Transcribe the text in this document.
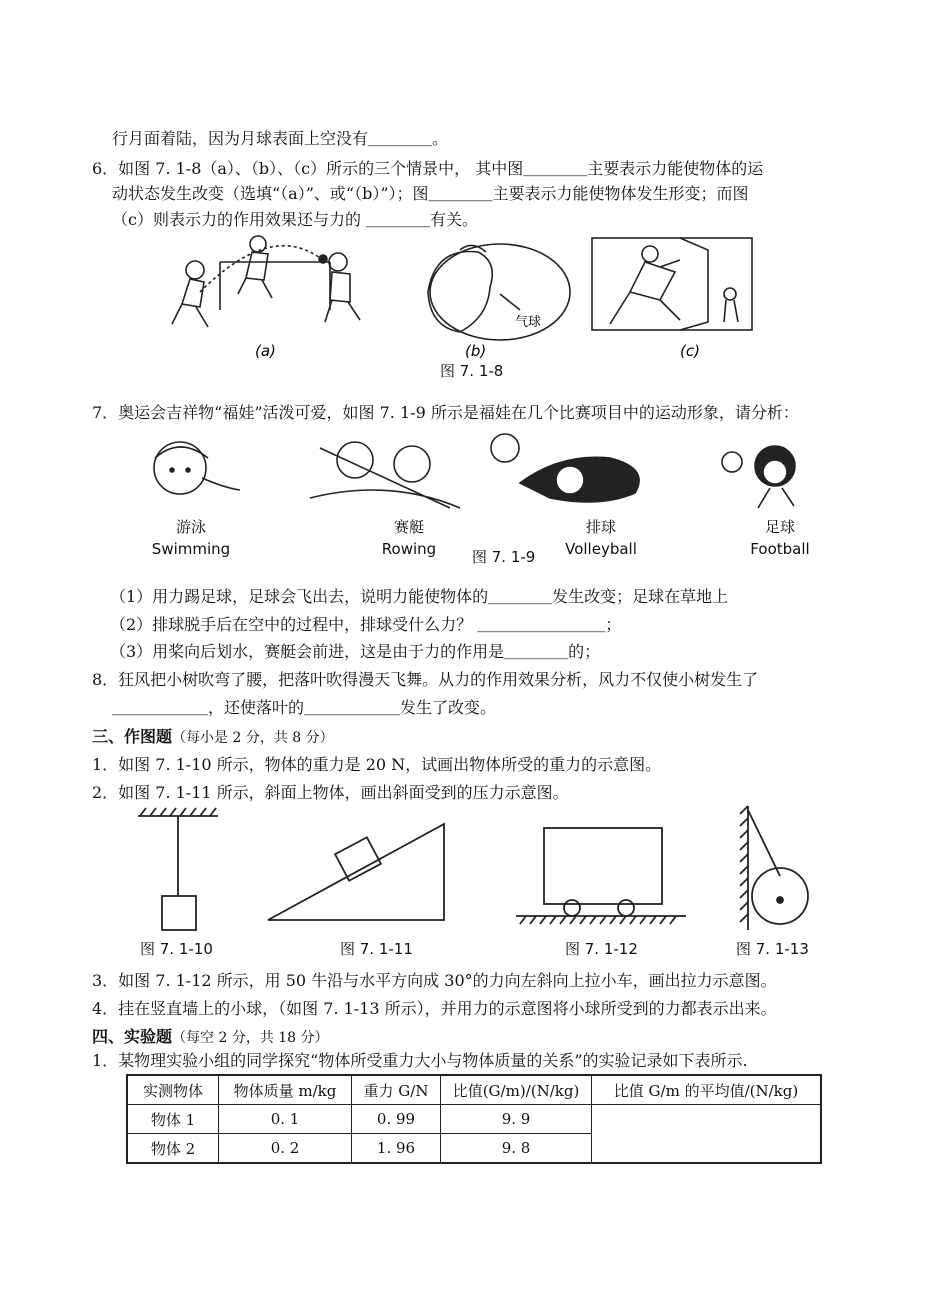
行月面着陆，因为月球表面上空没有＿＿＿＿。
6．如图 7. 1-8（a）、（b）、（c）所示的三个情景中， 其中图＿＿＿＿主要表示力能使物体的运
动状态发生改变（选填“（a）”、或“（b）”）；图＿＿＿＿主要表示力能使物体发生形变；而图
（c）则表示力的作用效果还与力的 ＿＿＿＿有关。
(a)
气球
(b)	(c)
图 7. 1-8
7．奥运会吉祥物“福娃”活泼可爱，如图 7. 1-9 所示是福娃在几个比赛项目中的运动形象，请分析：
游泳
Swimming
赛艇
Rowing	图 7. 1-9
排球
Volleyball
足球
Football
（1）用力踢足球，足球会飞出去，说明力能使物体的＿＿＿＿发生改变；足球在草地上
（2）排球脱手后在空中的过程中，排球受什么力？ ＿＿＿＿＿＿＿＿；
（3）用桨向后划水，赛艇会前进，这是由于力的作用是＿＿＿＿的；
8．狂风把小树吹弯了腰，把落叶吹得漫天飞舞。从力的作用效果分析，风力不仅使小树发生了
＿＿＿＿＿＿，还使落叶的＿＿＿＿＿＿发生了改变。
三、作图题（每小是 2 分，共 8 分）
1．如图 7. 1-10 所示，物体的重力是 20 N，试画出物体所受的重力的示意图。
2．如图 7. 1-11 所示，斜面上物体，画出斜面受到的压力示意图。
图 7. 1-10	图 7. 1-11	图 7. 1-12	图 7. 1-13
3．如图 7. 1-12 所示，用 50 牛沿与水平方向成 30°的力向左斜向上拉小车，画出拉力示意图。
4．挂在竖直墙上的小球，（如图 7. 1-13 所示），并用力的示意图将小球所受到的力都表示出来。
四、实验题（每空 2 分，共 18 分）
1．某物理实验小组的同学探究“物体所受重力大小与物体质量的关系”的实验记录如下表所示.
实测物体	物体质量 m/kg	重力 G/N	比值(G/m)/(N/kg)	比值 G/m 的平均值/(N/kg)
物体 1	0. 1	0. 99	9. 9	
物体 2	0. 2	1. 96	9. 8	
